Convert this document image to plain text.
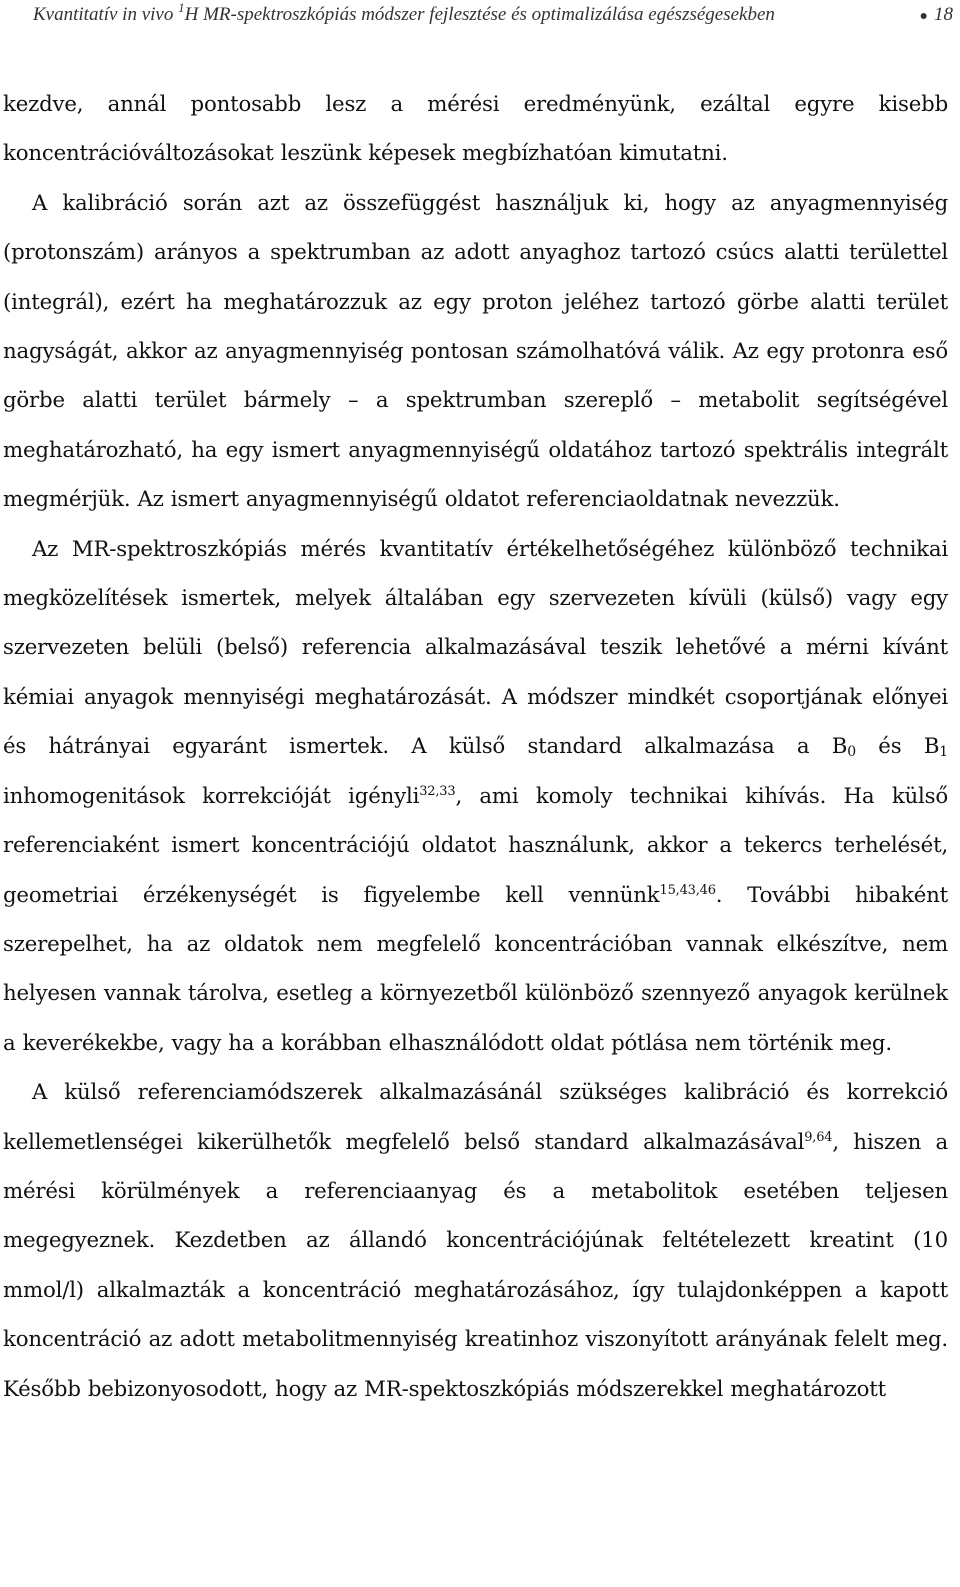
Kvantitatív in vivo $^1$H MR-spektroszkópiás módszer fejlesztése és optimalizálása egészségesekben	● 18

kezdve, annál pontosabb lesz a mérési eredményünk, ezáltal egyre kisebb koncentrációváltozásokat leszünk képesek megbízhatóan kimutatni.

A kalibráció során azt az összefüggést használjuk ki, hogy az anyagmennyiség (protonszám) arányos a spektrumban az adott anyaghoz tartozó csúcs alatti területtel (integrál), ezért ha meghatározzuk az egy proton jeléhez tartozó görbe alatti terület nagyságát, akkor az anyagmennyiség pontosan számolhatóvá válik. Az egy protonra eső görbe alatti terület bármely – a spektrumban szereplő – metabolit segítségével meghatározható, ha egy ismert anyagmennyiségű oldatához tartozó spektrális integrált megmérjük. Az ismert anyagmennyiségű oldatot referenciaoldatnak nevezzük.

Az MR-spektroszkópiás mérés kvantitatív értékelhetőségéhez különböző technikai megközelítések ismertek, melyek általában egy szervezeten kívüli (külső) vagy egy szervezeten belüli (belső) referencia alkalmazásával teszik lehetővé a mérni kívánt kémiai anyagok mennyiségi meghatározását. A módszer mindkét csoportjának előnyei és hátrányai egyaránt ismertek. A külső standard alkalmazása a $B_0$ és $B_1$ inhomogenitások korrekcióját igényli$^{32,33}$, ami komoly technikai kihívás. Ha külső referenciaként ismert koncentrációjú oldatot használunk, akkor a tekercs terhelését, geometriai érzékenységét is figyelembe kell vennünk$^{15,43,46}$. További hibaként szerepelhet, ha az oldatok nem megfelelő koncentrációban vannak elkészítve, nem helyesen vannak tárolva, esetleg a környezetből különböző szennyező anyagok kerülnek a keverékekbe, vagy ha a korábban elhasználódott oldat pótlása nem történik meg.

A külső referenciamódszerek alkalmazásánál szükséges kalibráció és korrekció kellemetlenségei kikerülhetők megfelelő belső standard alkalmazásával$^{9,64}$, hiszen a mérési körülmények a referenciaanyag és a metabolitok esetében teljesen megegyeznek. Kezdetben az állandó koncentrációjúnak feltételezett kreatint (10 mmol/l) alkalmazták a koncentráció meghatározásához, így tulajdonképpen a kapott koncentráció az adott metabolitmennyiség kreatinhoz viszonyított arányának felelt meg. Később bebizonyosodott, hogy az MR-spektoszkópiás módszerekkel meghatározott
